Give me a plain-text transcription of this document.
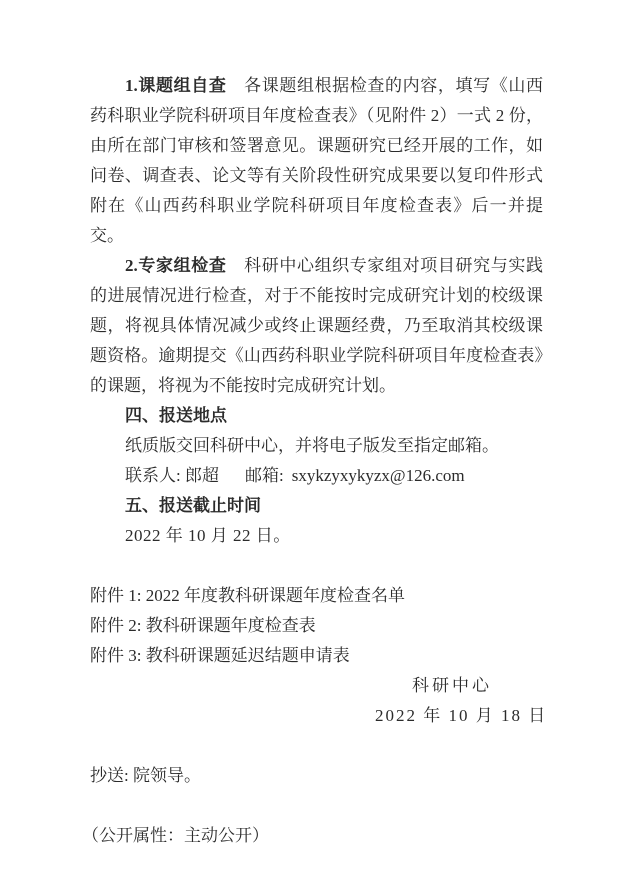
1.课题组自查　各课题组根据检查的内容，填写《山西药科职业学院科研项目年度检查表》（见附件 2）一式 2 份，由所在部门审核和签署意见。课题研究已经开展的工作，如问卷、调查表、论文等有关阶段性研究成果要以复印件形式附在《山西药科职业学院科研项目年度检查表》后一并提交。

2.专家组检查　科研中心组织专家组对项目研究与实践的进展情况进行检查，对于不能按时完成研究计划的校级课题，将视具体情况减少或终止课题经费，乃至取消其校级课题资格。逾期提交《山西药科职业学院科研项目年度检查表》的课题，将视为不能按时完成研究计划。

四、报送地点
纸质版交回科研中心，并将电子版发至指定邮箱。
联系人: 郎超 邮箱: sxykzyxykyzx@126.com
五、报送截止时间
2022 年 10 月 22 日。
附件 1: 2022 年度教科研课题年度检查名单
附件 2: 教科研课题年度检查表
附件 3: 教科研课题延迟结题申请表
科研中心
2022 年 10 月 18 日
抄送: 院领导。
（公开属性：主动公开）
